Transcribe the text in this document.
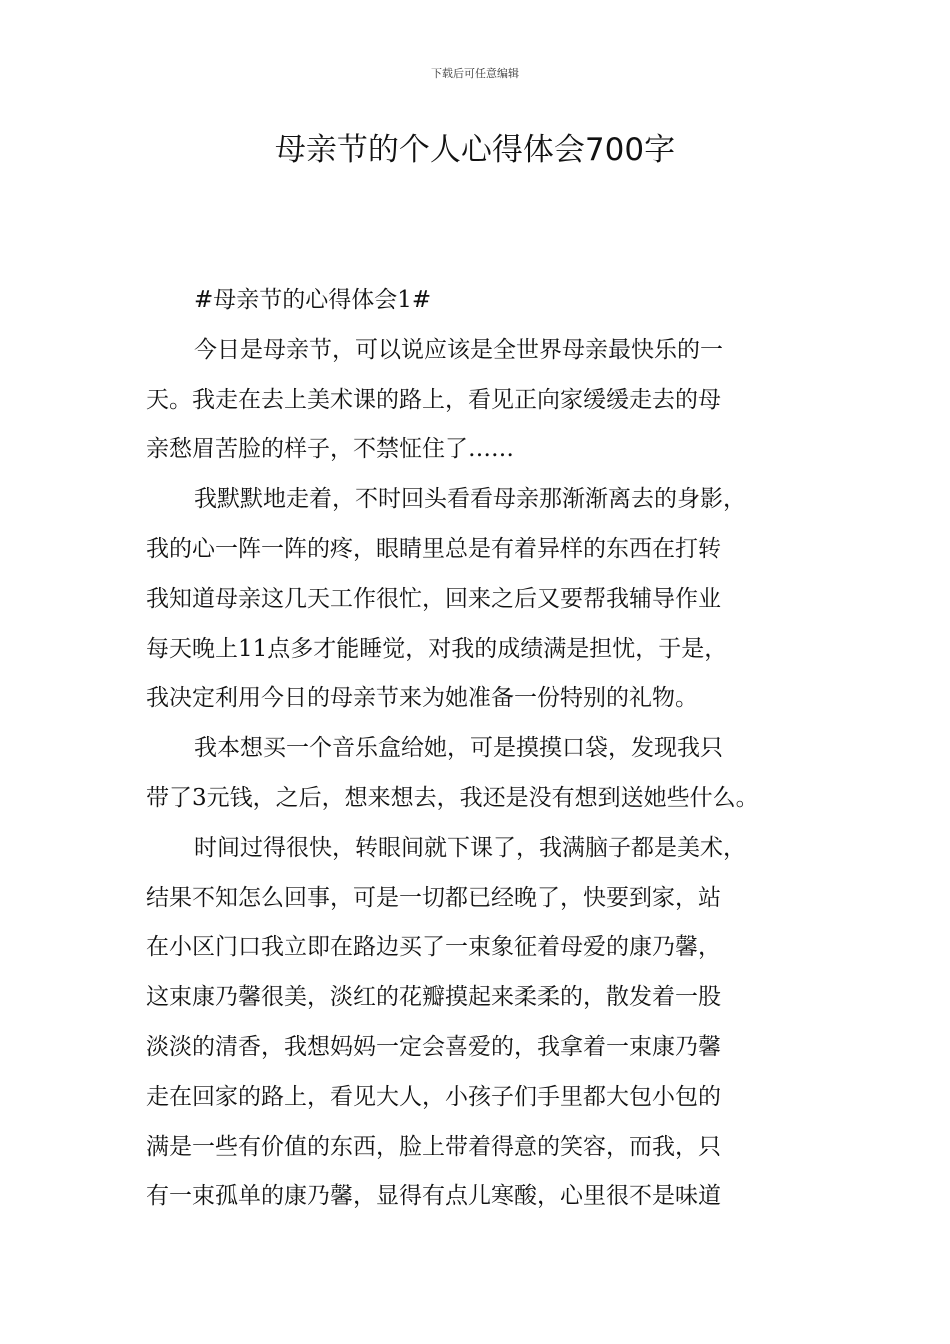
下载后可任意编辑
母亲节的个人心得体会700字
#母亲节的心得体会1#
今日是母亲节，可以说应该是全世界母亲最快乐的一
天。我走在去上美术课的路上，看见正向家缓缓走去的母
亲愁眉苦脸的样子，不禁怔住了……
我默默地走着，不时回头看看母亲那渐渐离去的身影，
我的心一阵一阵的疼，眼睛里总是有着异样的东西在打转
我知道母亲这几天工作很忙，回来之后又要帮我辅导作业
每天晚上11点多才能睡觉，对我的成绩满是担忧，于是，
我决定利用今日的母亲节来为她准备一份特别的礼物。
我本想买一个音乐盒给她，可是摸摸口袋，发现我只
带了3元钱，之后，想来想去，我还是没有想到送她些什么。
时间过得很快，转眼间就下课了，我满脑子都是美术，
结果不知怎么回事，可是一切都已经晚了，快要到家，站
在小区门口我立即在路边买了一束象征着母爱的康乃馨，
这束康乃馨很美，淡红的花瓣摸起来柔柔的，散发着一股
淡淡的清香，我想妈妈一定会喜爱的，我拿着一束康乃馨
走在回家的路上，看见大人，小孩子们手里都大包小包的
满是一些有价值的东西，脸上带着得意的笑容，而我，只
有一束孤单的康乃馨，显得有点儿寒酸，心里很不是味道
